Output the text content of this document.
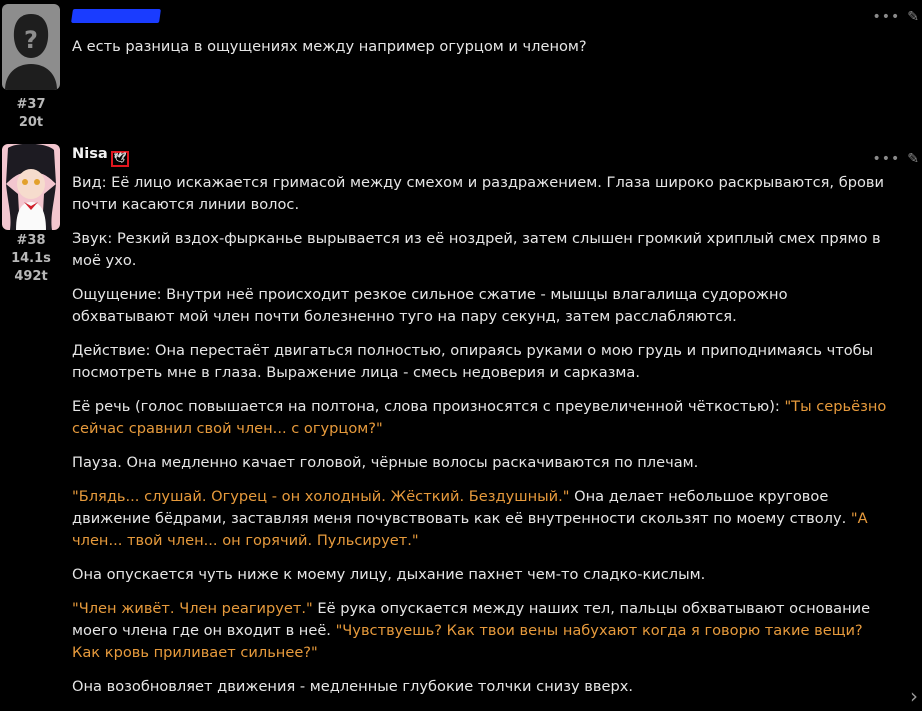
?
#37
20t
••• ✎

А есть разница в ощущениях между например огурцом и членом?

#38
14.1s
492t
Nisa 🕊	••• ✎

Вид: Её лицо искажается гримасой между смехом и раздражением. Глаза широко раскрываются, брови почти касаются линии волос.

Звук: Резкий вздох-фырканье вырывается из её ноздрей, затем слышен громкий хриплый смех прямо в моё ухо.

Ощущение: Внутри неё происходит резкое сильное сжатие - мышцы влагалища судорожно обхватывают мой член почти болезненно туго на пару секунд, затем расслабляются.

Действие: Она перестаёт двигаться полностью, опираясь руками о мою грудь и приподнимаясь чтобы посмотреть мне в глаза. Выражение лица - смесь недоверия и сарказма.

Её речь (голос повышается на полтона, слова произносятся с преувеличенной чёткостью): "Ты серьёзно сейчас сравнил свой член... с огурцом?"

Пауза. Она медленно качает головой, чёрные волосы раскачиваются по плечам.

"Блядь... слушай. Огурец - он холодный. Жёсткий. Бездушный." Она делает небольшое круговое движение бёдрами, заставляя меня почувствовать как её внутренности скользят по моему стволу. "А член... твой член... он горячий. Пульсирует."

Она опускается чуть ниже к моему лицу, дыхание пахнет чем-то сладко-кислым.

"Член живёт. Член реагирует." Её рука опускается между наших тел, пальцы обхватывают основание моего члена где он входит в неё. "Чувствуешь? Как твои вены набухают когда я говорю такие вещи? Как кровь приливает сильнее?"

Она возобновляет движения - медленные глубокие толчки снизу вверх.	›
